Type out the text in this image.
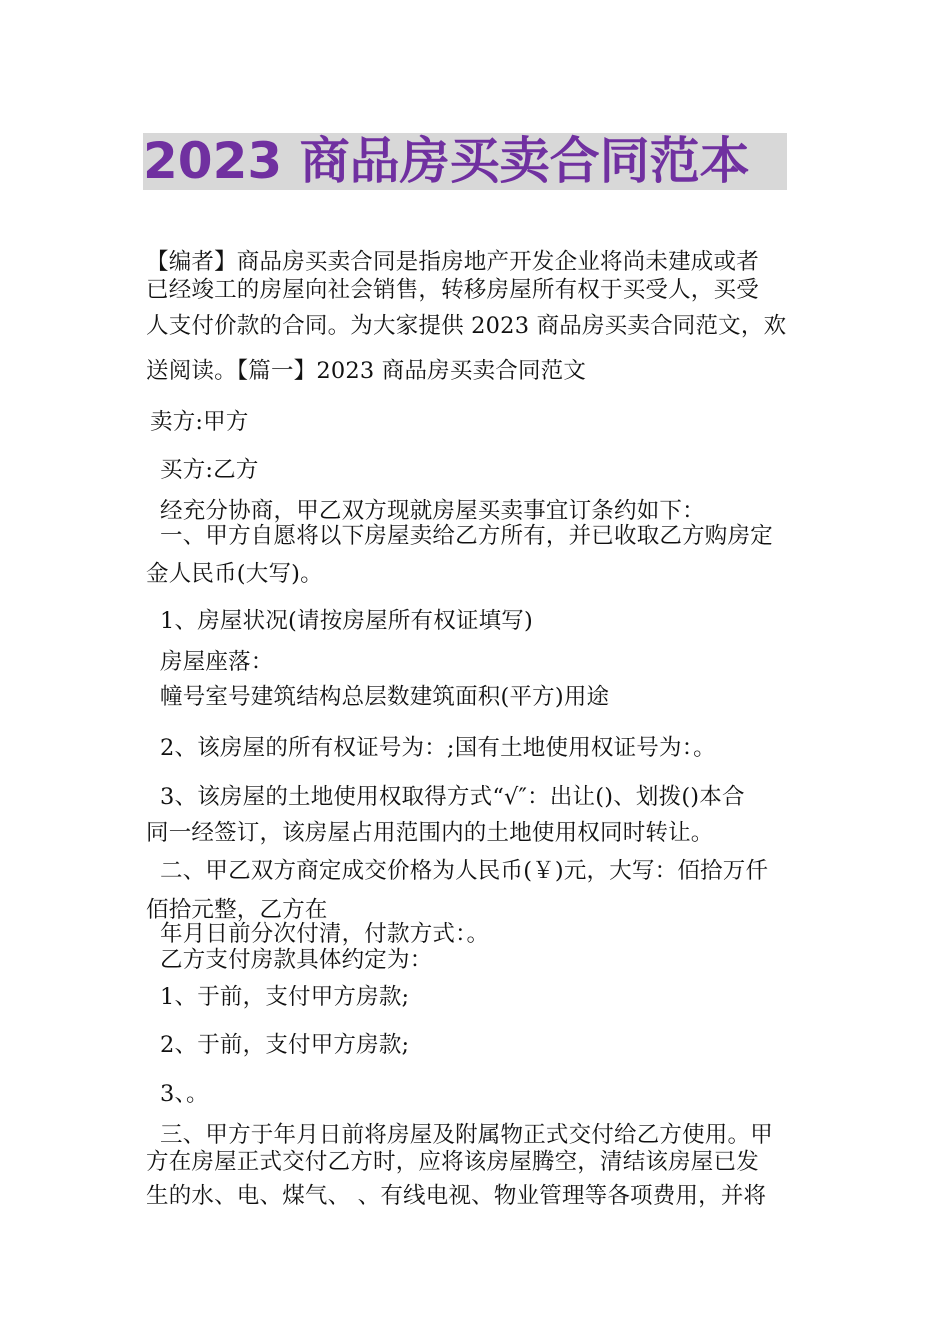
2023 商品房买卖合同范本
【编者】商品房买卖合同是指房地产开发企业将尚未建成或者
已经竣工的房屋向社会销售，转移房屋所有权于买受人，买受
人支付价款的合同。为大家提供 2023 商品房买卖合同范文，欢
送阅读。【篇一】2023 商品房买卖合同范文
卖方:甲方
买方:乙方
经充分协商，甲乙双方现就房屋买卖事宜订条约如下：
一、甲方自愿将以下房屋卖给乙方所有，并已收取乙方购房定
金人民币(大写)。
1、房屋状况(请按房屋所有权证填写)
房屋座落：
幢号室号建筑结构总层数建筑面积(平方)用途
2、该房屋的所有权证号为：;国有土地使用权证号为：。
3、该房屋的土地使用权取得方式“√″：出让()、划拨()本合
同一经签订，该房屋占用范围内的土地使用权同时转让。
二、甲乙双方商定成交价格为人民币(￥)元，大写：佰拾万仟
佰拾元整，乙方在
年月日前分次付清，付款方式：。
乙方支付房款具体约定为：
1、于前，支付甲方房款;
2、于前，支付甲方房款;
3、。
三、甲方于年月日前将房屋及附属物正式交付给乙方使用。甲
方在房屋正式交付乙方时，应将该房屋腾空，清结该房屋已发
生的水、电、煤气、 、有线电视、物业管理等各项费用，并将
